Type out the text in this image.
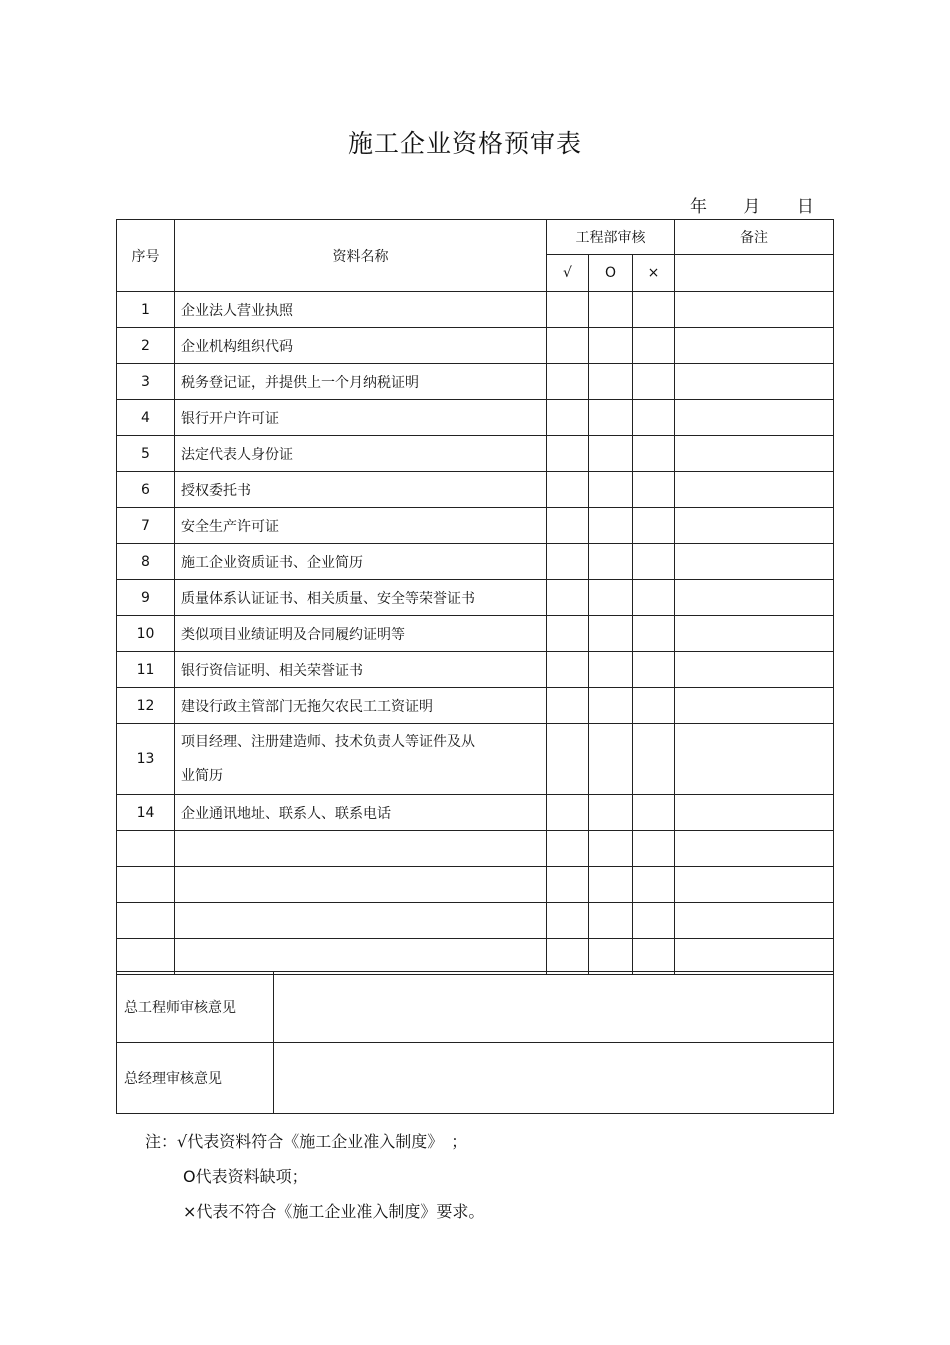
施工企业资格预审表
年 月 日
序号	资料名称	工程部审核			备注
		√	O	×	
1	企业法人营业执照				
2	企业机构组织代码				
3	税务登记证，并提供上一个月纳税证明				
4	银行开户许可证				
5	法定代表人身份证				
6	授权委托书				
7	安全生产许可证				
8	施工企业资质证书、企业简历				
9	质量体系认证证书、相关质量、安全等荣誉证书				
10	类似项目业绩证明及合同履约证明等				
11	银行资信证明、相关荣誉证书				
12	建设行政主管部门无拖欠农民工工资证明				
13	项目经理、注册建造师、技术负责人等证件及从
业简历				

14	企业通讯地址、联系人、联系电话				

总工程师审核意见	
总经理审核意见	
注：√代表资料符合《施工企业准入制度》　；
O代表资料缺项；
×代表不符合《施工企业准入制度》要求。
